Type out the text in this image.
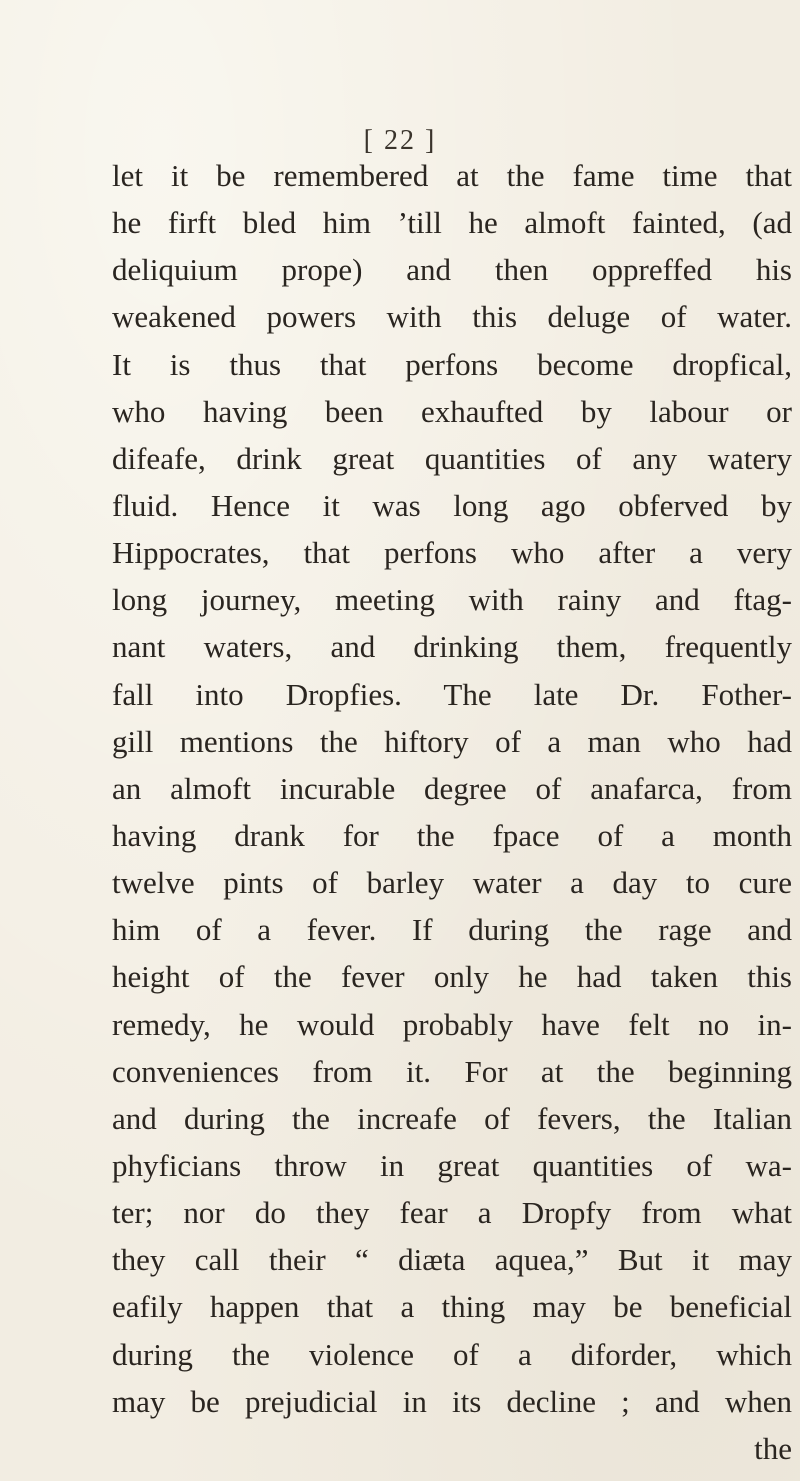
[ 22 ]
let it be remembered at the fame time that
he firft bled him ’till he almoft fainted, (ad
deliquium prope) and then oppreffed his
weakened powers with this deluge of water.
It is thus that perfons become dropfical,
who having been exhaufted by labour or
difeafe, drink great quantities of any watery
fluid. Hence it was long ago obferved by
Hippocrates, that perfons who after a very
long journey, meeting with rainy and ftag-
nant waters, and drinking them, frequently
fall into Dropfies. The late Dr. Fother-
gill mentions the hiftory of a man who had
an almoft incurable degree of anafarca, from
having drank for the fpace of a month
twelve pints of barley water a day to cure
him of a fever. If during the rage and
height of the fever only he had taken this
remedy, he would probably have felt no in-
conveniences from it. For at the beginning
and during the increafe of fevers, the Italian
phyficians throw in great quantities of wa-
ter; nor do they fear a Dropfy from what
they call their “ diæta aquea,” But it may
eafily happen that a thing may be beneficial
during the violence of a diforder, which
may be prejudicial in its decline ; and when
the
